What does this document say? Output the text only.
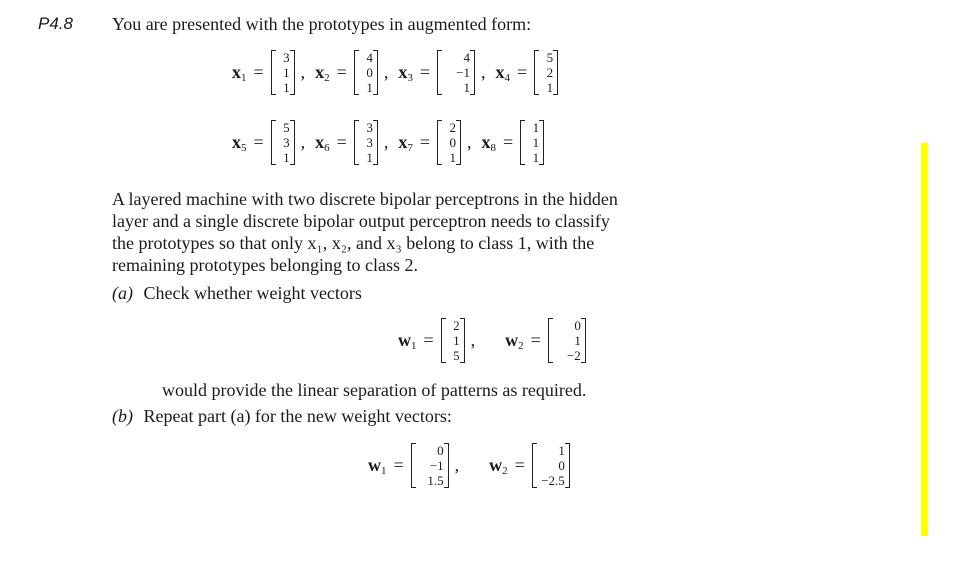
P4.8 You are presented with the prototypes in augmented form:
$x_1$ =
3
1
1
, $x_2$ =
4
0
1
, $x_3$ =
4
−1
1
, $x_4$ =
5
2
1
$x_5$ =
5
3
1
, $x_6$ =
3
3
1
, $x_7$ =
2
0
1
, $x_8$ =
1
1
1
A layered machine with two discrete bipolar perceptrons in the hidden
layer and a single discrete bipolar output perceptron needs to classify
the prototypes so that only x₁, x₂, and x₃ belong to class 1, with the
remaining prototypes belonging to class 2.
(a) Check whether weight vectors
$w_1$ =
2
1
5
, $w_2$ =
0
1
−2
would provide the linear separation of patterns as required.
(b) Repeat part (a) for the new weight vectors:
$w_1$ =
0
−1
1.5
, $w_2$ =
1
0
−2.5
